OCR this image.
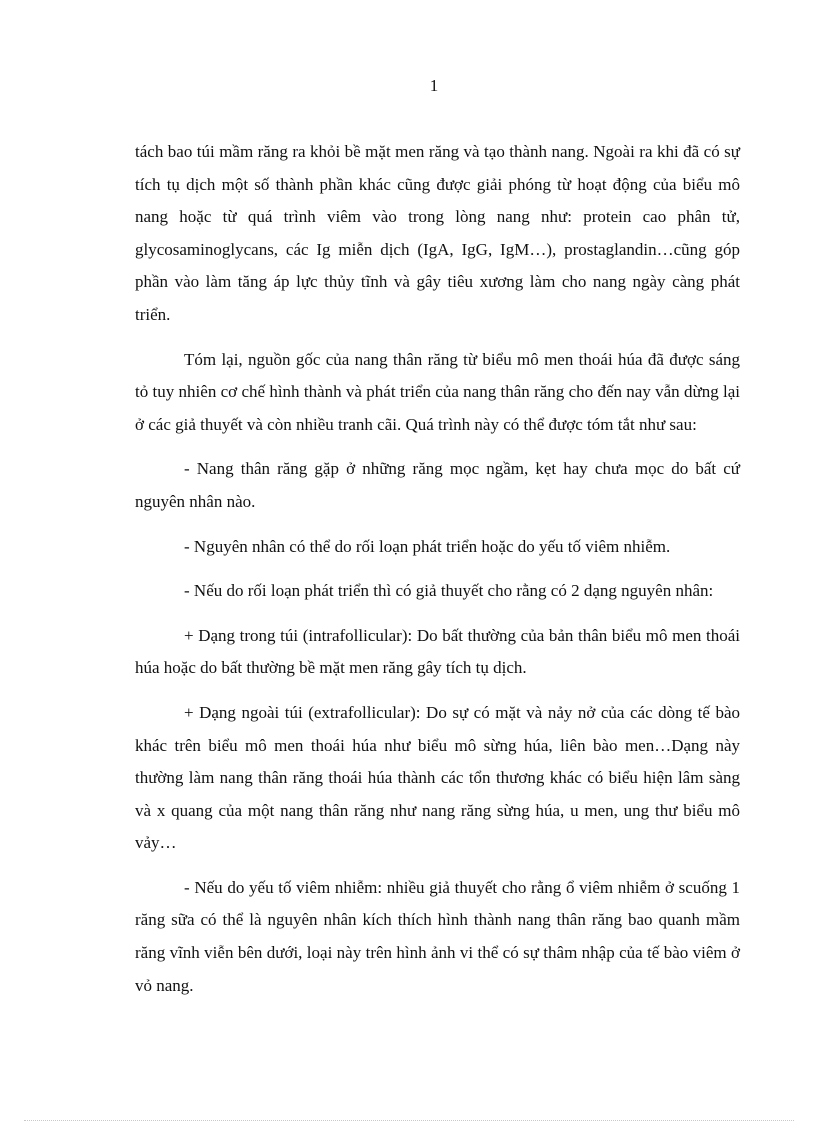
1

tách bao túi mầm răng ra khỏi bề mặt men răng và tạo thành nang. Ngoài ra khi đã có sự tích tụ dịch một số thành phần khác cũng được giải phóng từ hoạt động của biểu mô nang hoặc từ quá trình viêm vào trong lòng nang như: protein cao phân tử, glycosaminoglycans, các Ig miễn dịch (IgA, IgG, IgM…), prostaglandin…cũng góp phần vào làm tăng áp lực thủy tĩnh và gây tiêu xương làm cho nang ngày càng phát triển.

Tóm lại, nguồn gốc của nang thân răng từ biểu mô men thoái húa đã được sáng tỏ tuy nhiên cơ chế hình thành và phát triển của nang thân răng cho đến nay vẫn dừng lại ở các giả thuyết và còn nhiều tranh cãi. Quá trình này có thể được tóm tắt như sau:

- Nang thân răng gặp ở những răng mọc ngầm, kẹt hay chưa mọc do bất cứ nguyên nhân nào.

- Nguyên nhân có thể do rối loạn phát triển hoặc do yếu tố viêm nhiễm.

- Nếu do rối loạn phát triển thì có giả thuyết cho rằng có 2 dạng nguyên nhân:

+ Dạng trong túi (intrafollicular): Do bất thường của bản thân biểu mô men thoái húa hoặc do bất thường bề mặt men răng gây tích tụ dịch.

+ Dạng ngoài túi (extrafollicular): Do sự có mặt và nảy nở của các dòng tế bào khác trên biểu mô men thoái húa như biểu mô sừng húa, liên bào men…Dạng này thường làm nang thân răng thoái húa thành các tổn thương khác có biểu hiện lâm sàng và x quang của một nang thân răng như nang răng sừng húa, u men, ung thư biểu mô vảy…

- Nếu do yếu tố viêm nhiễm: nhiều giả thuyết cho rằng ổ viêm nhiễm ở scuống 1 răng sữa có thể là nguyên nhân kích thích hình thành nang thân răng bao quanh mầm răng vĩnh viễn bên dưới, loại này trên hình ảnh vi thể có sự thâm nhập của tế bào viêm ở vỏ nang.
